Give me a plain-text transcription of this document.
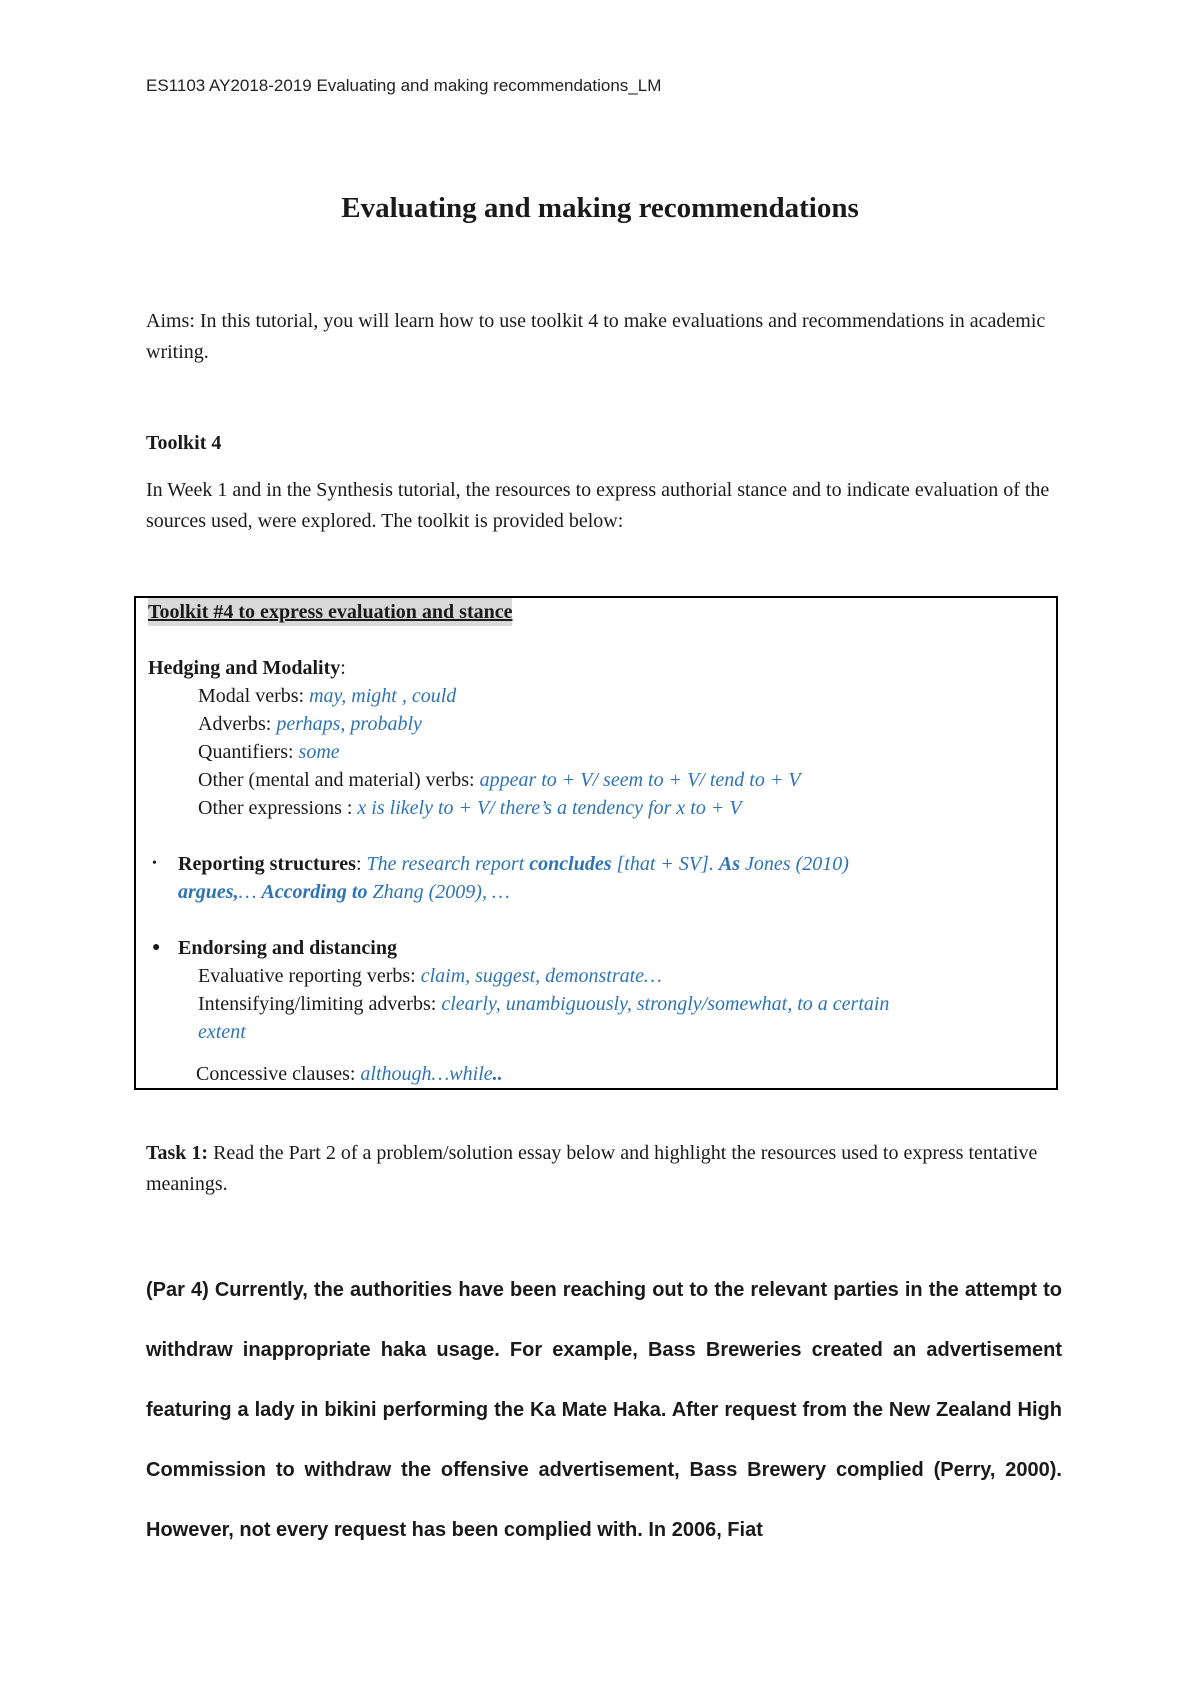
ES1103 AY2018-2019 Evaluating and making recommendations_LM
Evaluating and making recommendations
Aims: In this tutorial, you will learn how to use toolkit 4 to make evaluations and recommendations in academic writing.
Toolkit 4
In Week 1 and in the Synthesis tutorial, the resources to express authorial stance and to indicate evaluation of the sources used, were explored. The toolkit is provided below:
Toolkit #4 to express evaluation and stance
Hedging and Modality:
Modal verbs: may, might , could
Adverbs: perhaps, probably
Quantifiers: some
Other (mental and material) verbs: appear to + V/ seem to + V/ tend to + V
Other expressions : x is likely to + V/ there’s a tendency for x to + V
• Reporting structures: The research report concludes [that + SV]. As Jones (2010)
argues,… According to Zhang (2009), …
● Endorsing and distancing
Evaluative reporting verbs: claim, suggest, demonstrate…
Intensifying/limiting adverbs: clearly, unambiguously, strongly/somewhat, to a certain
extent
Concessive clauses: although…while..
Task 1: Read the Part 2 of a problem/solution essay below and highlight the resources used to express tentative meanings.
(Par 4) Currently, the authorities have been reaching out to the relevant parties in the attempt to withdraw inappropriate haka usage. For example, Bass Breweries created an advertisement featuring a lady in bikini performing the Ka Mate Haka. After request from the New Zealand High Commission to withdraw the offensive advertisement, Bass Brewery complied (Perry, 2000). However, not every request has been complied with. In 2006, Fiat
